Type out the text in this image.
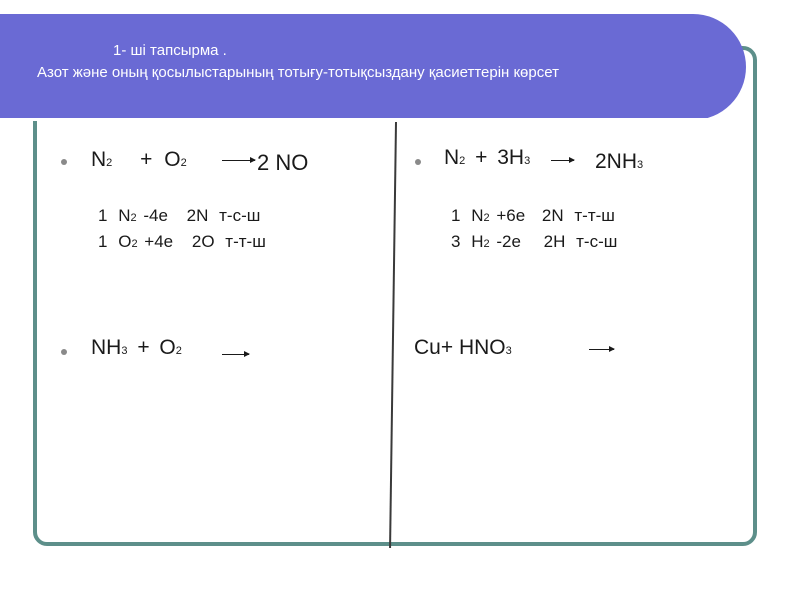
1- ші тапсырма .
Азот және оның қосылыстарының тотығу-тотықсыздану қасиеттерін көрсет
N2 + O2 → 2 NO
1 N2 -4e 2N т-с-ш
1 O2 +4e 2O т-т-ш
NH3 + O2
N2 + 3H3 → 2NH3
1 N2 +6e 2N т-т-ш
3 H2 -2e 2H т-с-ш
Cu+ HNO3
